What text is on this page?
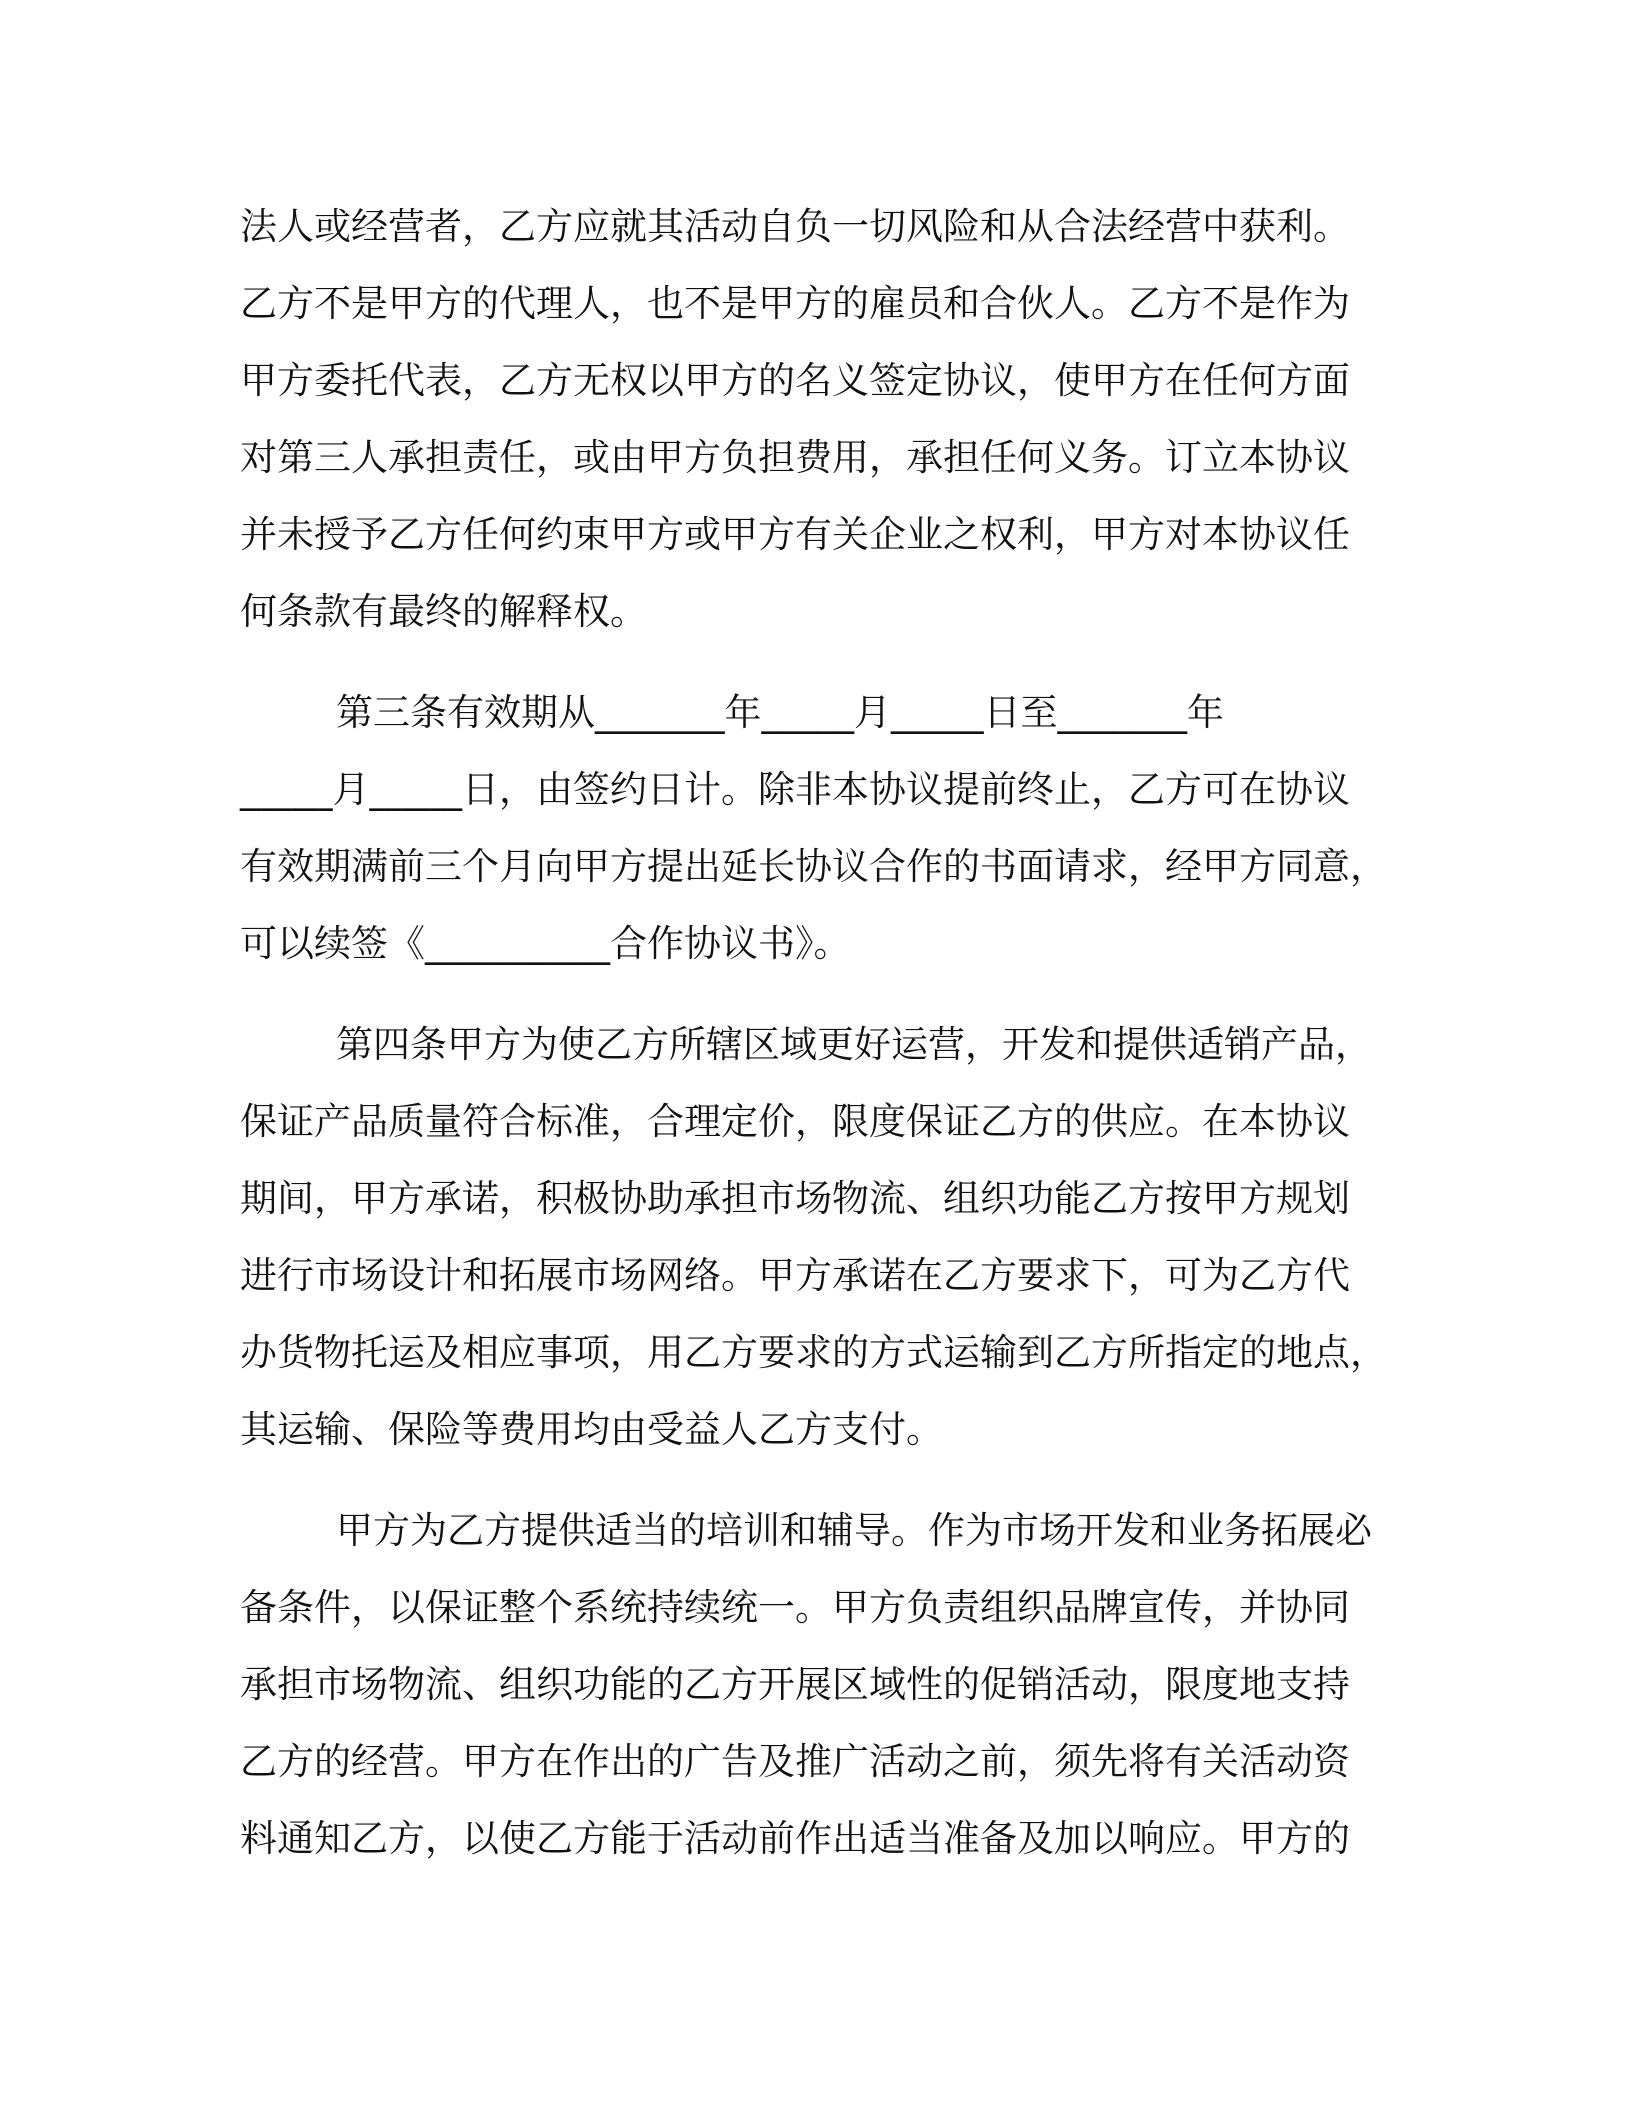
法人或经营者，乙方应就其活动自负一切风险和从合法经营中获利。
乙方不是甲方的代理人，也不是甲方的雇员和合伙人。乙方不是作为
甲方委托代表，乙方无权以甲方的名义签定协议，使甲方在任何方面
对第三人承担责任，或由甲方负担费用，承担任何义务。订立本协议
并未授予乙方任何约束甲方或甲方有关企业之权利，甲方对本协议任
何条款有最终的解释权。
第三条有效期从_______年_____月_____日至_______年
_____月_____日，由签约日计。除非本协议提前终止，乙方可在协议
有效期满前三个月向甲方提出延长协议合作的书面请求，经甲方同意，
可以续签《__________合作协议书》。
第四条甲方为使乙方所辖区域更好运营，开发和提供适销产品，
保证产品质量符合标准，合理定价，限度保证乙方的供应。在本协议
期间，甲方承诺，积极协助承担市场物流、组织功能乙方按甲方规划
进行市场设计和拓展市场网络。甲方承诺在乙方要求下，可为乙方代
办货物托运及相应事项，用乙方要求的方式运输到乙方所指定的地点，
其运输、保险等费用均由受益人乙方支付。
甲方为乙方提供适当的培训和辅导。作为市场开发和业务拓展必
备条件，以保证整个系统持续统一。甲方负责组织品牌宣传，并协同
承担市场物流、组织功能的乙方开展区域性的促销活动，限度地支持
乙方的经营。甲方在作出的广告及推广活动之前，须先将有关活动资
料通知乙方，以使乙方能于活动前作出适当准备及加以响应。甲方的
